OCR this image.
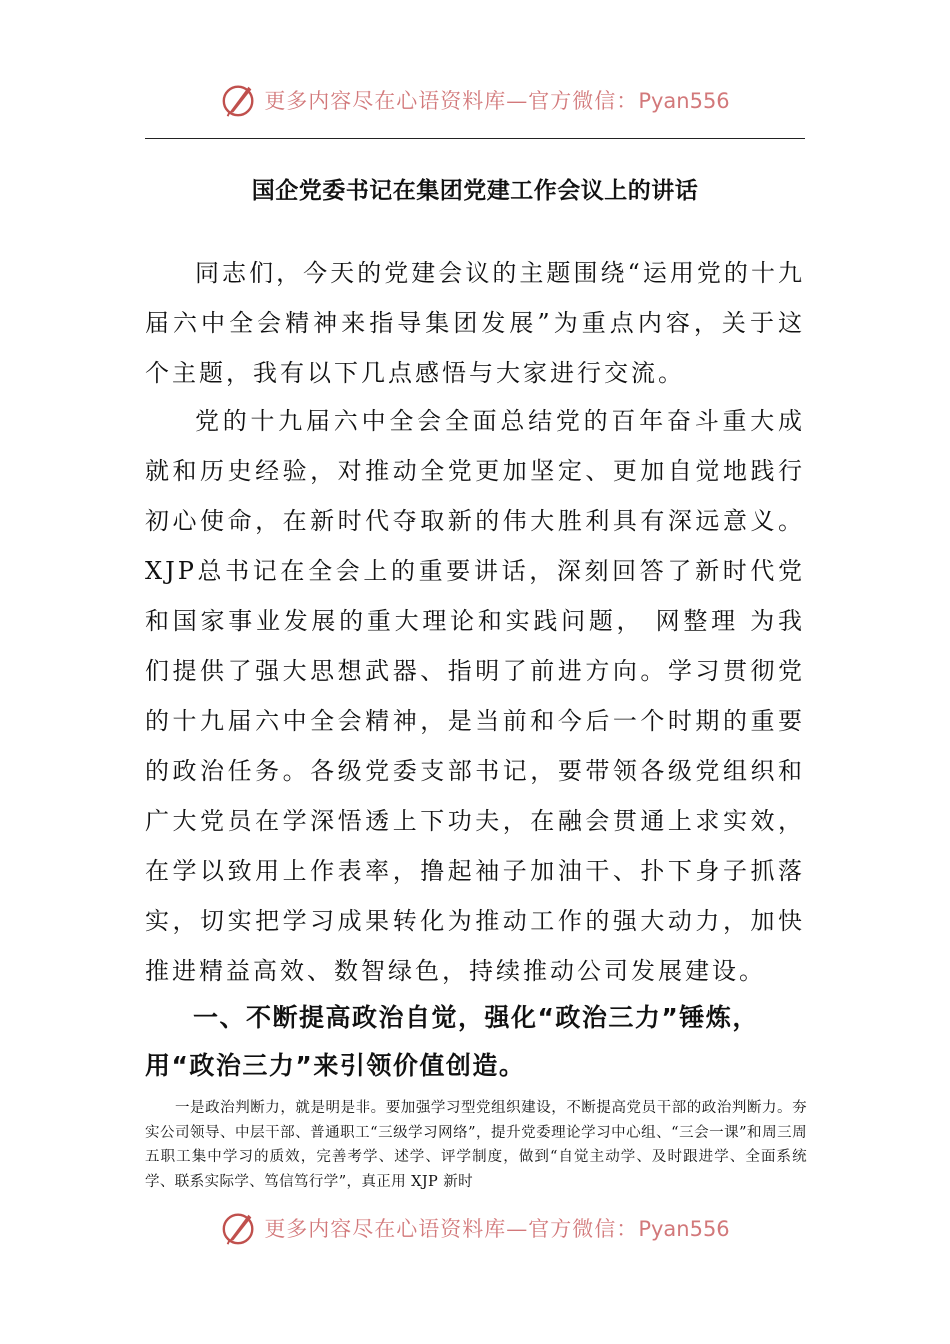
更多内容尽在心语资料库—官方微信：Pyan556
国企党委书记在集团党建工作会议上的讲话
同志们，今天的党建会议的主题围绕“运用党的十九届六中全会精神来指导集团发展”为重点内容，关于这个主题，我有以下几点感悟与大家进行交流。
党的十九届六中全会全面总结党的百年奋斗重大成就和历史经验，对推动全党更加坚定、更加自觉地践行初心使命，在新时代夺取新的伟大胜利具有深远意义。XJP总书记在全会上的重要讲话，深刻回答了新时代党和国家事业发展的重大理论和实践问题， 网整理 为我们提供了强大思想武器、指明了前进方向。学习贯彻党的十九届六中全会精神，是当前和今后一个时期的重要的政治任务。各级党委支部书记，要带领各级党组织和广大党员在学深悟透上下功夫，在融会贯通上求实效，在学以致用上作表率，撸起袖子加油干、扑下身子抓落实，切实把学习成果转化为推动工作的强大动力，加快推进精益高效、数智绿色，持续推动公司发展建设。
一、不断提高政治自觉，强化“政治三力”锤炼，用“政治三力”来引领价值创造。
一是政治判断力，就是明是非。要加强学习型党组织建设，不断提高党员干部的政治判断力。夯实公司领导、中层干部、普通职工“三级学习网络”，提升党委理论学习中心组、“三会一课”和周三周五职工集中学习的质效，完善考学、述学、评学制度，做到“自觉主动学、及时跟进学、全面系统学、联系实际学、笃信笃行学”，真正用 XJP 新时
更多内容尽在心语资料库—官方微信：Pyan556
